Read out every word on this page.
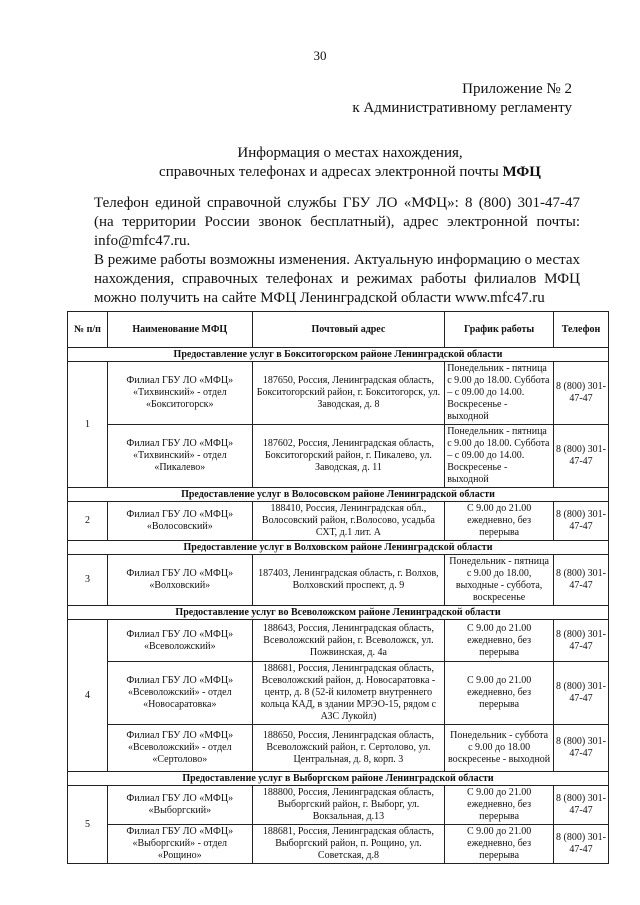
30
Приложение № 2
к Административному регламенту
Информация о местах нахождения,
справочных телефонах и адресах электронной почты МФЦ

Телефон единой справочной службы ГБУ ЛО «МФЦ»: 8 (800) 301-47-47 (на территории России звонок бесплатный), адрес электронной почты: info@mfc47.ru.

В режиме работы возможны изменения. Актуальную информацию о местах нахождения, справочных телефонах и режимах работы филиалов МФЦ можно получить на сайте МФЦ Ленинградской области www.mfc47.ru

№ п/п	Наименование МФЦ	Почтовый адрес	График работы	Телефон
Предоставление услуг в Бокситогорском районе Ленинградской области				
1	Филиал ГБУ ЛО «МФЦ» «Тихвинский» - отдел «Бокситогорск»	187650, Россия, Ленинградская область, Бокситогорский район, г. Бокситогорск, ул. Заводская, д. 8	Понедельник - пятница с 9.00 до 18.00. Суббота – с 09.00 до 14.00. Воскресенье - выходной	8 (800) 301-47-47
	Филиал ГБУ ЛО «МФЦ» «Тихвинский» - отдел «Пикалево»	187602, Россия, Ленинградская область, Бокситогорский район, г. Пикалево, ул. Заводская, д. 11	Понедельник - пятница с 9.00 до 18.00. Суббота – с 09.00 до 14.00. Воскресенье - выходной	8 (800) 301-47-47
Предоставление услуг в Волосовском районе Ленинградской области				
2	Филиал ГБУ ЛО «МФЦ» «Волосовский»	188410, Россия, Ленинградская обл., Волосовский район, г.Волосово, усадьба СХТ, д.1 лит. А	С 9.00 до 21.00 ежедневно, без перерыва	8 (800) 301-47-47
Предоставление услуг в Волховском районе Ленинградской области				
3	Филиал ГБУ ЛО «МФЦ» «Волховский»	187403, Ленинградская область, г. Волхов, Волховский проспект, д. 9	Понедельник - пятница с 9.00 до 18.00, выходные - суббота, воскресенье	8 (800) 301-47-47
Предоставление услуг во Всеволожском районе Ленинградской области				
4	Филиал ГБУ ЛО «МФЦ» «Всеволожский»	188643, Россия, Ленинградская область, Всеволожский район, г. Всеволожск, ул. Пожвинская, д. 4а	С 9.00 до 21.00 ежедневно, без перерыва	8 (800) 301-47-47
	Филиал ГБУ ЛО «МФЦ» «Всеволожский» - отдел «Новосаратовка»	188681, Россия, Ленинградская область, Всеволожский район, д. Новосаратовка - центр, д. 8 (52-й километр внутреннего кольца КАД, в здании МРЭО-15, рядом с АЗС Лукойл)	С 9.00 до 21.00 ежедневно, без перерыва	8 (800) 301-47-47
	Филиал ГБУ ЛО «МФЦ» «Всеволожский» - отдел «Сертолово»	188650, Россия, Ленинградская область, Всеволожский район, г. Сертолово, ул. Центральная, д. 8, корп. 3	Понедельник - суббота с 9.00 до 18.00 воскресенье - выходной	8 (800) 301-47-47
Предоставление услуг в Выборгском районе Ленинградской области				
5	Филиал ГБУ ЛО «МФЦ» «Выборгский»	188800, Россия, Ленинградская область, Выборгский район, г. Выборг, ул. Вокзальная, д.13	С 9.00 до 21.00 ежедневно, без перерыва	8 (800) 301-47-47
	Филиал ГБУ ЛО «МФЦ» «Выборгский» - отдел «Рощино»	188681, Россия, Ленинградская область, Выборгский район, п. Рощино, ул. Советская, д.8	С 9.00 до 21.00 ежедневно, без перерыва	8 (800) 301-47-47
